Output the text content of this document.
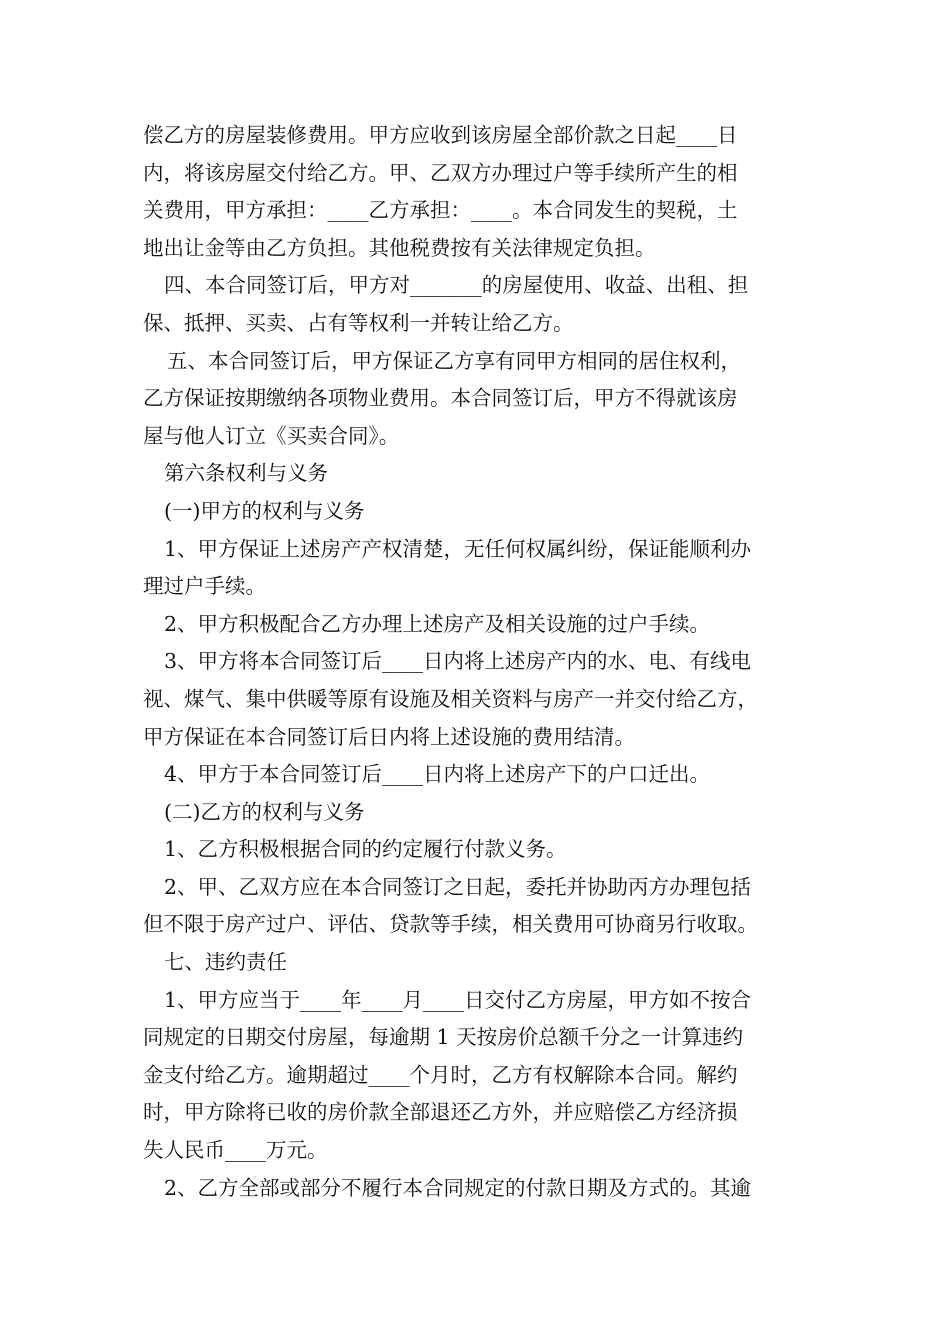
偿乙方的房屋装修费用。甲方应收到该房屋全部价款之日起____日
内，将该房屋交付给乙方。甲、乙双方办理过户等手续所产生的相
关费用，甲方承担：____乙方承担：____。本合同发生的契税，土
地出让金等由乙方负担。其他税费按有关法律规定负担。
四、本合同签订后，甲方对_______的房屋使用、收益、出租、担
保、抵押、买卖、占有等权利一并转让给乙方。
五、本合同签订后，甲方保证乙方享有同甲方相同的居住权利，
乙方保证按期缴纳各项物业费用。本合同签订后，甲方不得就该房
屋与他人订立《买卖合同》。
第六条权利与义务
(一)甲方的权利与义务
1、甲方保证上述房产产权清楚，无任何权属纠纷，保证能顺利办
理过户手续。
2、甲方积极配合乙方办理上述房产及相关设施的过户手续。
3、甲方将本合同签订后____日内将上述房产内的水、电、有线电
视、煤气、集中供暖等原有设施及相关资料与房产一并交付给乙方，
甲方保证在本合同签订后日内将上述设施的费用结清。
4、甲方于本合同签订后____日内将上述房产下的户口迁出。
(二)乙方的权利与义务
1、乙方积极根据合同的约定履行付款义务。
2、甲、乙双方应在本合同签订之日起，委托并协助丙方办理包括
但不限于房产过户、评估、贷款等手续，相关费用可协商另行收取。
七、违约责任
1、甲方应当于____年____月____日交付乙方房屋，甲方如不按合
同规定的日期交付房屋，每逾期 1 天按房价总额千分之一计算违约
金支付给乙方。逾期超过____个月时，乙方有权解除本合同。解约
时，甲方除将已收的房价款全部退还乙方外，并应赔偿乙方经济损
失人民币____万元。
2、乙方全部或部分不履行本合同规定的付款日期及方式的。其逾
